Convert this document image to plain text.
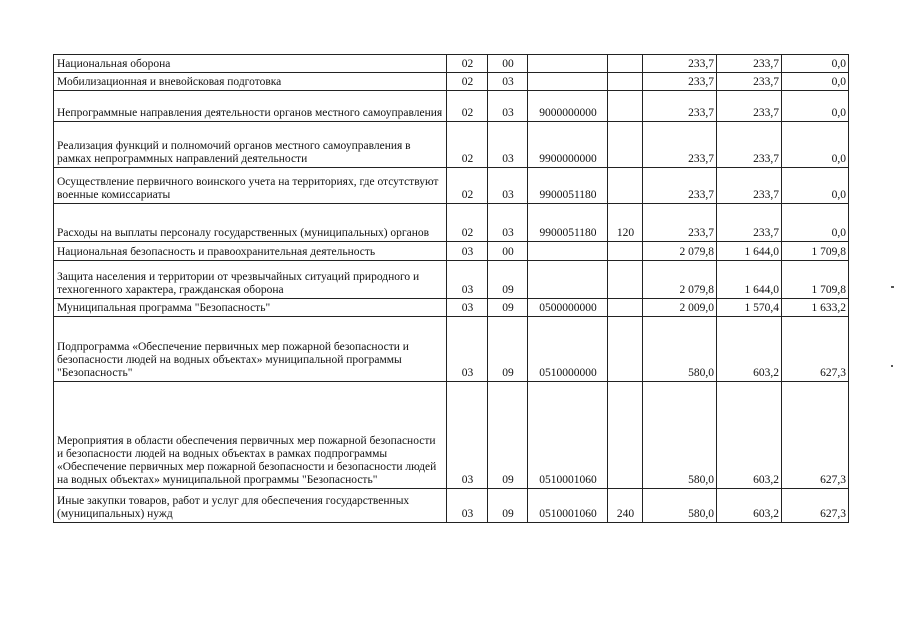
Национальная оборона	02	00			233,7	233,7	0,0
Мобилизационная и вневойсковая подготовка	02	03			233,7	233,7	0,0
Непрограммные направления деятельности органов местного самоуправления	02	03	9000000000		233,7	233,7	0,0
Реализация функций и полномочий органов местного самоуправления в рамках непрограммных направлений деятельности	02	03	9900000000		233,7	233,7	0,0
Осуществление первичного воинского учета на территориях, где отсутствуют военные комиссариаты	02	03	9900051180		233,7	233,7	0,0
Расходы на выплаты персоналу государственных (муниципальных) органов	02	03	9900051180	120	233,7	233,7	0,0
Национальная безопасность и правоохранительная деятельность	03	00			2 079,8	1 644,0	1 709,8
Защита населения и территории от чрезвычайных ситуаций природного и техногенного характера, гражданская оборона	03	09			2 079,8	1 644,0	1 709,8
Муниципальная программа "Безопасность"	03	09	0500000000		2 009,0	1 570,4	1 633,2
Подпрограмма «Обеспечение первичных мер пожарной безопасности и безопасности людей на водных объектах» муниципальной программы "Безопасность"	03	09	0510000000		580,0	603,2	627,3
Мероприятия в области обеспечения первичных мер пожарной безопасности и безопасности людей на водных объектах в рамках подпрограммы «Обеспечение первичных мер пожарной безопасности и безопасности людей на водных объектах» муниципальной программы "Безопасность"	03	09	0510001060		580,0	603,2	627,3
Иные закупки товаров, работ и услуг для обеспечения государственных (муниципальных) нужд	03	09	0510001060	240	580,0	603,2	627,3
